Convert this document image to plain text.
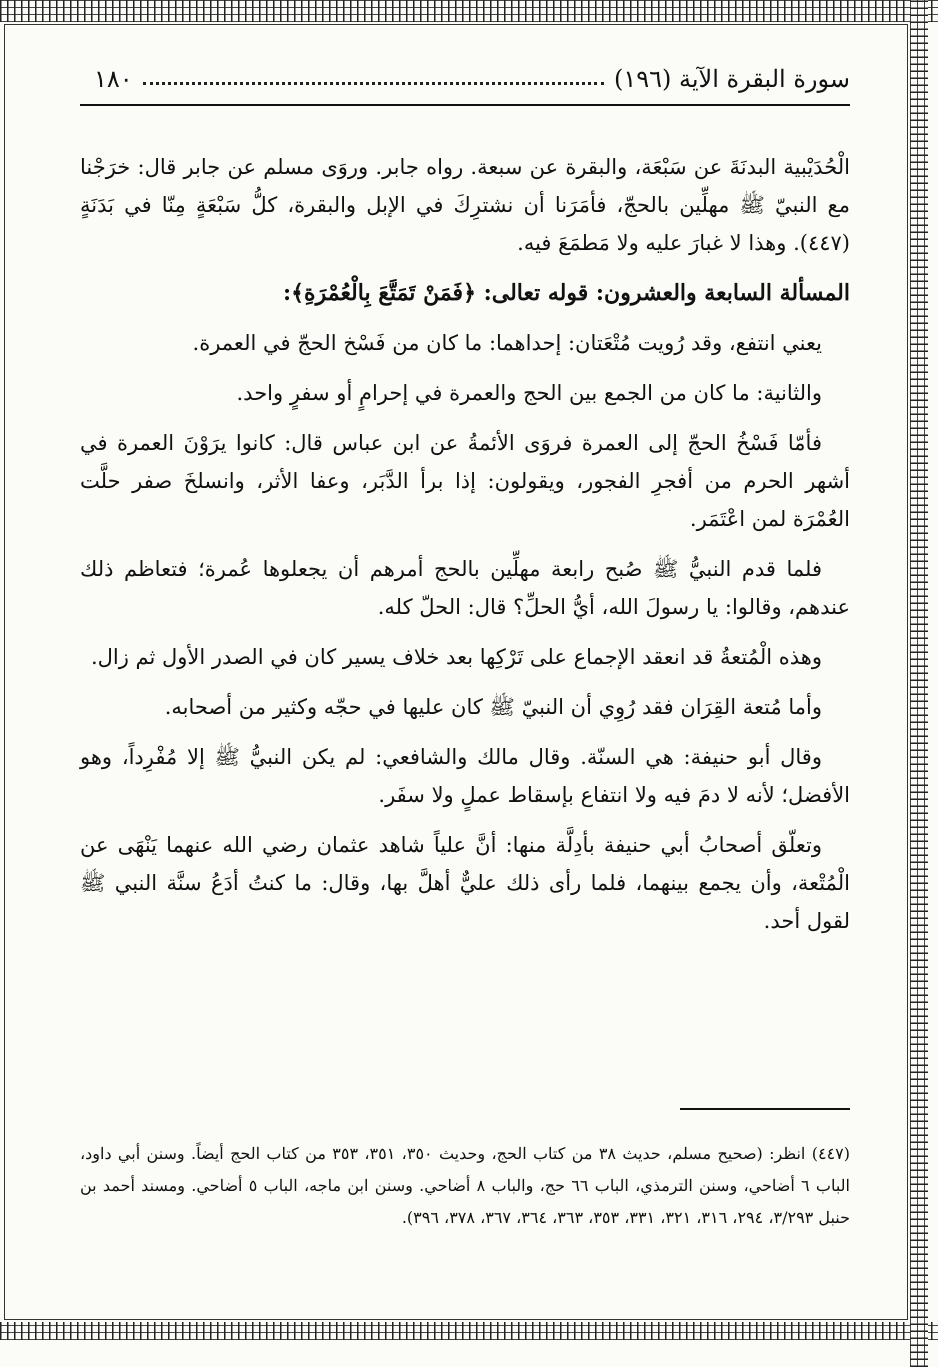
١٨٠	سورة البقرة الآية (١٩٦)

الْحُدَيْبية البدنَةَ عن سَبْعَة، والبقرة عن سبعة. رواه جابر. وروَى مسلم عن جابر قال: خرَجْنا مع النبيّ ﷺ مهلِّين بالحجّ، فأمَرَنا أن نشترِكَ في الإبل والبقرة، كلُّ سَبْعَةٍ مِنّا في بَدَنَةٍ (٤٤٧). وهذا لا غبارَ عليه ولا مَطمَعَ فيه.

المسألة السابعة والعشرون: قوله تعالى: ﴿فَمَنْ تَمَتَّعَ بِالْعُمْرَةِ﴾:

يعني انتفع، وقد رُويت مُتْعَتان: إحداهما: ما كان من فَسْخ الحجّ في العمرة.

والثانية: ما كان من الجمع بين الحج والعمرة في إحرامٍ أو سفرٍ واحد.

فأمّا فَسْخُ الحجّ إلى العمرة فروَى الأئمةُ عن ابن عباس قال: كانوا يرَوْنَ العمرة في أشهر الحرم من أفجرِ الفجور، ويقولون: إذا برأ الدَّبَر، وعفا الأثر، وانسلخَ صفر حلَّت العُمْرَة لمن اعْتَمَر.

فلما قدم النبيُّ ﷺ صُبح رابعة مهلِّين بالحج أمرهم أن يجعلوها عُمرة؛ فتعاظم ذلك عندهم، وقالوا: يا رسولَ الله، أيُّ الحلِّ؟ قال: الحلّ كله.

وهذه الْمُتعةُ قد انعقد الإجماع على تَرْكِها بعد خلاف يسير كان في الصدر الأول ثم زال.

وأما مُتعة القِرَان فقد رُوِي أن النبيّ ﷺ كان عليها في حجّه وكثير من أصحابه.

وقال أبو حنيفة: هي السنّة. وقال مالك والشافعي: لم يكن النبيُّ ﷺ إلا مُفْرِداً، وهو الأفضل؛ لأنه لا دمَ فيه ولا انتفاع بإسقاط عملٍ ولا سفَر.

وتعلّق أصحابُ أبي حنيفة بأدِلَّة منها: أنَّ علياً شاهد عثمان رضي الله عنهما يَنْهَى عن الْمُتْعة، وأن يجمع بينهما، فلما رأى ذلك عليٌّ أهلَّ بها، وقال: ما كنتُ أدَعُ سنَّة النبي ﷺ لقول أحد.

(٤٤٧) انظر: (صحيح مسلم، حديث ٣٨ من كتاب الحج، وحديث ٣٥٠، ٣٥١، ٣٥٣ من كتاب الحج أيضاً. وسنن أبي داود، الباب ٦ أضاحي، وسنن الترمذي، الباب ٦٦ حج، والباب ٨ أضاحي. وسنن ابن ماجه، الباب ٥ أضاحي. ومسند أحمد بن حنبل ٣/٢٩٣، ٢٩٤، ٣١٦، ٣٢١، ٣٣١، ٣٥٣، ٣٦٣، ٣٦٤، ٣٦٧، ٣٧٨، ٣٩٦).
